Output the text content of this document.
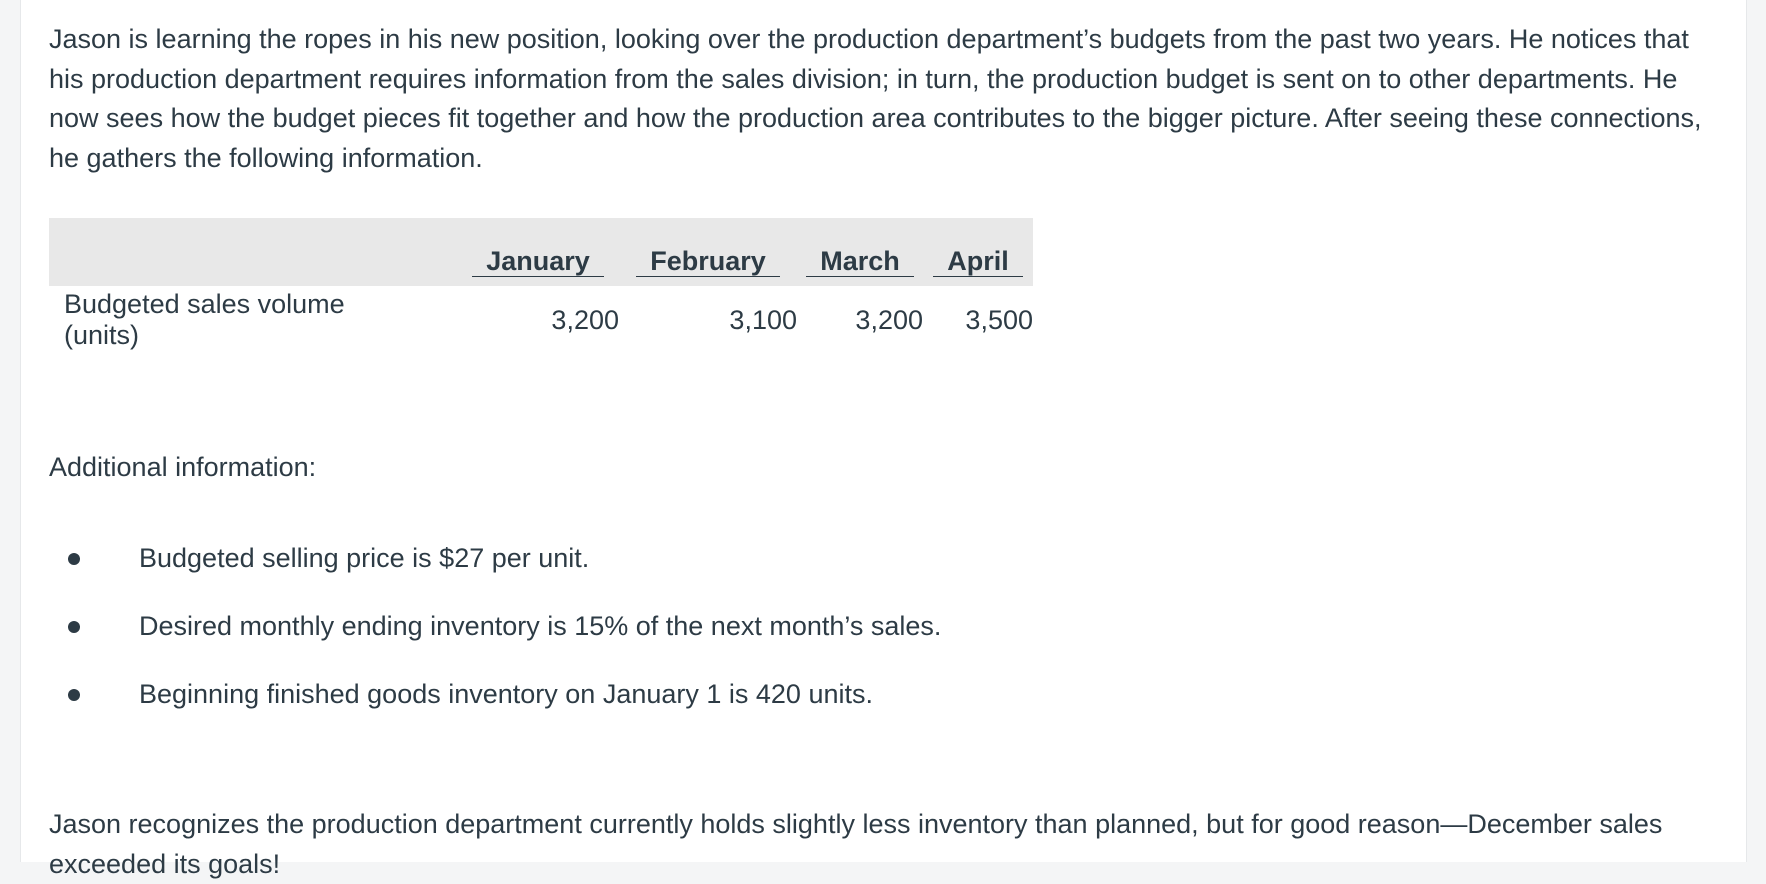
Jason is learning the ropes in his new position, looking over the production department’s budgets from the past two years. He notices that his production department requires information from the sales division; in turn, the production budget is sent on to other departments. He now sees how the budget pieces fit together and how the production area contributes to the bigger picture. After seeing these connections, he gathers the following information.

	January	February	March	April
Budgeted sales volume (units)	3,200	3,100	3,200	3,500

Additional information:

Budgeted selling price is $27 per unit.
Desired monthly ending inventory is 15% of the next month’s sales.
Beginning finished goods inventory on January 1 is 420 units.

Jason recognizes the production department currently holds slightly less inventory than planned, but for good reason—December sales exceeded its goals!
